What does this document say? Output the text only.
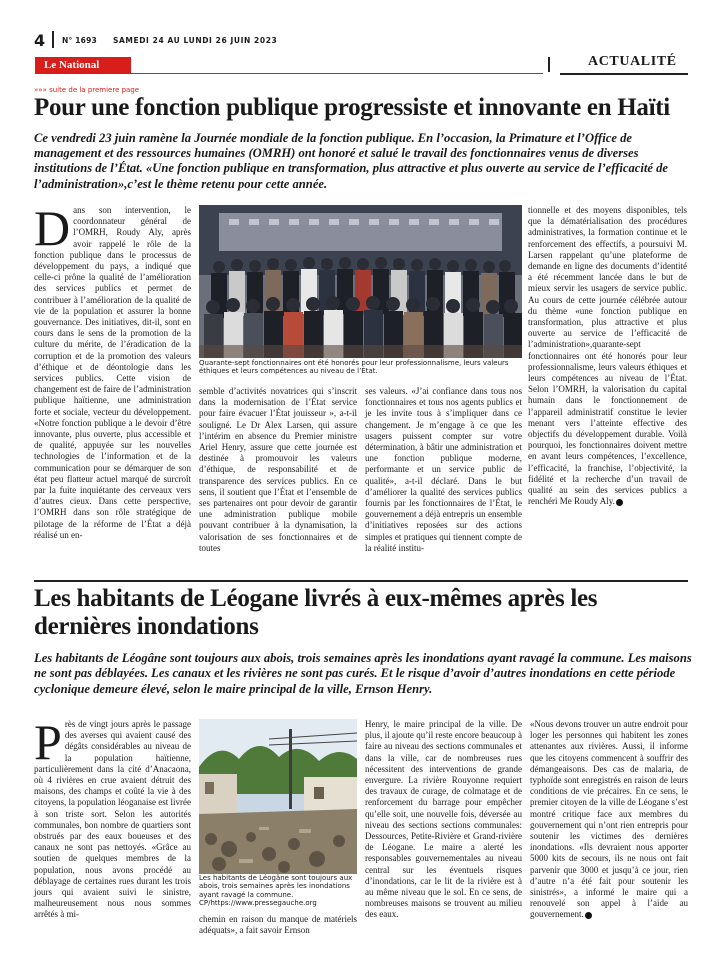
4 N° 1693 SAMEDI 24 AU LUNDI 26 JUIN 2023
Le National	ACTUALITÉ
»»» suite de la premiere page
Pour une fonction publique progressiste et innovante en Haïti
Ce vendredi 23 juin ramène la Journée mondiale de la fonction publique. En l’occasion, la Primature et l’Office de management et des ressources humaines (OMRH) ont honoré et salué le travail des fonctionnaires venus de diverses institutions de l’État. «Une fonction publique en transformation, plus attractive et plus ouverte au service de l’efficacité de l’administration»,c’est le thème retenu pour cette année.
Dans son intervention, le coordonnateur général de l’OMRH, Roudy Aly, après avoir rappelé le rôle de la fonction publique dans le processus de développement du pays, a indiqué que celle-ci prône la qualité de l’amélioration des services publics et permet de contribuer à l’amélioration de la qualité de vie de la population et assurer la bonne gouvernance. Des initiatives, dit-il, sont en cours dans le sens de la promotion de la culture du mérite, de l’éradication de la corruption et de la promotion des valeurs d’éthique et de déontologie dans les services publics. Cette vision de changement est de faire de l’administration publique haïtienne, une administration forte et sociale, vecteur du développement. «Notre fonction publique a le devoir d’être innovante, plus ouverte, plus accessible et de qualité, appuyée sur les nouvelles technologies de l’information et de la communication pour se démarquer de son état peu flatteur actuel marqué de surcroît par la fuite inquiétante des cerveaux vers d’autres cieux. Dans cette perspective, l’OMRH dans son rôle stratégique de pilotage de la réforme de l’État a déjà réalisé un en-
Quarante-sept fonctionnaires ont été honorés pour leur professionnalisme, leurs valeurs éthiques et leurs compétences au niveau de l’État.
semble d’activités novatrices qui s’inscrit dans la modernisation de l’État service pour faire évacuer l’État jouisseur », a-t-il souligné. Le Dr Alex Larsen, qui assure l’intérim en absence du Premier ministre Ariel Henry, assure que cette journée est destinée à promouvoir les valeurs d’éthique, de responsabilité et de transparence des services publics. En ce sens, il soutient que l’État et l’ensemble de ses partenaires ont pour devoir de garantir une administration publique mobile pouvant contribuer à la dynamisation, la valorisation de ses fonctionnaires et de toutes
ses valeurs. «J’ai confiance dans tous nos fonctionnaires et tous nos agents publics et je les invite tous à s’impliquer dans ce changement. Je m’engage à ce que les usagers puissent compter sur votre détermination, à bâtir une administration et une fonction publique moderne, performante et un service public de qualité», a-t-il déclaré. Dans le but d’améliorer la qualité des services publics fournis par les fonctionnaires de l’État, le gouvernement a déjà entrepris un ensemble d’initiatives reposées sur des actions simples et pratiques qui tiennent compte de la réalité institu-
tionnelle et des moyens disponibles, tels que la dématérialisation des procédures administratives, la formation continue et le renforcement des effectifs, a poursuivi M. Larsen rappelant qu’une plateforme de demande en ligne des documents d’identité a été récemment lancée dans le but de mieux servir les usagers de service public. Au cours de cette journée célébrée autour du thème «une fonction publique en transformation, plus attractive et plus ouverte au service de l’efficacité de l’administration»,quarante-sept fonctionnaires ont été honorés pour leur professionnalisme, leurs valeurs éthiques et leurs compétences au niveau de l’État. Selon l’OMRH, la valorisation du capital humain dans le fonctionnement de l’appareil administratif constitue le levier menant vers l’atteinte effective des objectifs du développement durable. Voilà pourquoi, les fonctionnaires doivent mettre en avant leurs compétences, l’excellence, l’efficacité, la franchise, l’objectivité, la fidélité et la recherche d’un travail de qualité au sein des services publics a renchéri Me Roudy Aly.
Les habitants de Léogane livrés à eux-mêmes après les dernières inondations
Les habitants de Léogâne sont toujours aux abois, trois semaines après les inondations ayant ravagé la commune. Les maisons ne sont pas déblayées. Les canaux et les rivières ne sont pas curés. Et le risque d’avoir d’autres inondations en cette période cyclonique demeure élevé, selon le maire principal de la ville, Ernson Henry.
Près de vingt jours après le passage des averses qui avaient causé des dégâts considérables au niveau de la population haïtienne, particulièrement dans la cité d’Anacaona, où 4 rivières en crue avaient détruit des maisons, des champs et coûté la vie à des citoyens, la population léoganaise est livrée à son triste sort. Selon les autorités communales, bon nombre de quartiers sont obstrués par des eaux boueuses et des canaux ne sont pas nettoyés. «Grâce au soutien de quelques membres de la population, nous avons procédé au déblayage de certaines rues durant les trois jours qui avaient suivi le sinistre, malheureusement nous nous sommes arrêtés à mi-
Les habitants de Léogâne sont toujours aux abois, trois semaines après les inondations ayant ravagé la commune. CP/https://www.pressegauche.org
chemin en raison du manque de matériels adéquats», a fait savoir Ernson
Henry, le maire principal de la ville. De plus, il ajoute qu’il reste encore beaucoup à faire au niveau des sections communales et dans la ville, car de nombreuses rues nécessitent des interventions de grande envergure. La rivière Rouyonne requiert des travaux de curage, de colmatage et de renforcement du barrage pour empêcher qu’elle soit, une nouvelle fois, déversée au niveau des sections sections communales: Dessources, Petite-Rivière et Grand-rivière de Léogane. Le maire a alerté les responsables gouvernementales au niveau central sur les éventuels risques d’inondations, car le lit de la rivière est à au même niveau que le sol. En ce sens, de nombreuses maisons se trouvent au milieu des eaux.
«Nous devons trouver un autre endroit pour loger les personnes qui habitent les zones attenantes aux rivières. Aussi, il informe que les citoyens commencent à souffrir des démangeaisons. Des cas de malaria, de typhoïde sont enregistrés en raison de leurs conditions de vie précaires. En ce sens, le premier citoyen de la ville de Léogane s’est montré critique face aux membres du gouvernement qui n’ont rien entrepris pour soutenir les victimes des dernières inondations. «Ils devraient nous apporter 5000 kits de secours, ils ne nous ont fait parvenir que 3000 et jusqu’à ce jour, rien d’autre n’a été fait pour soutenir les sinistrés», a informé le maire qui a renouvelé son appel à l’aide au gouvernement.
